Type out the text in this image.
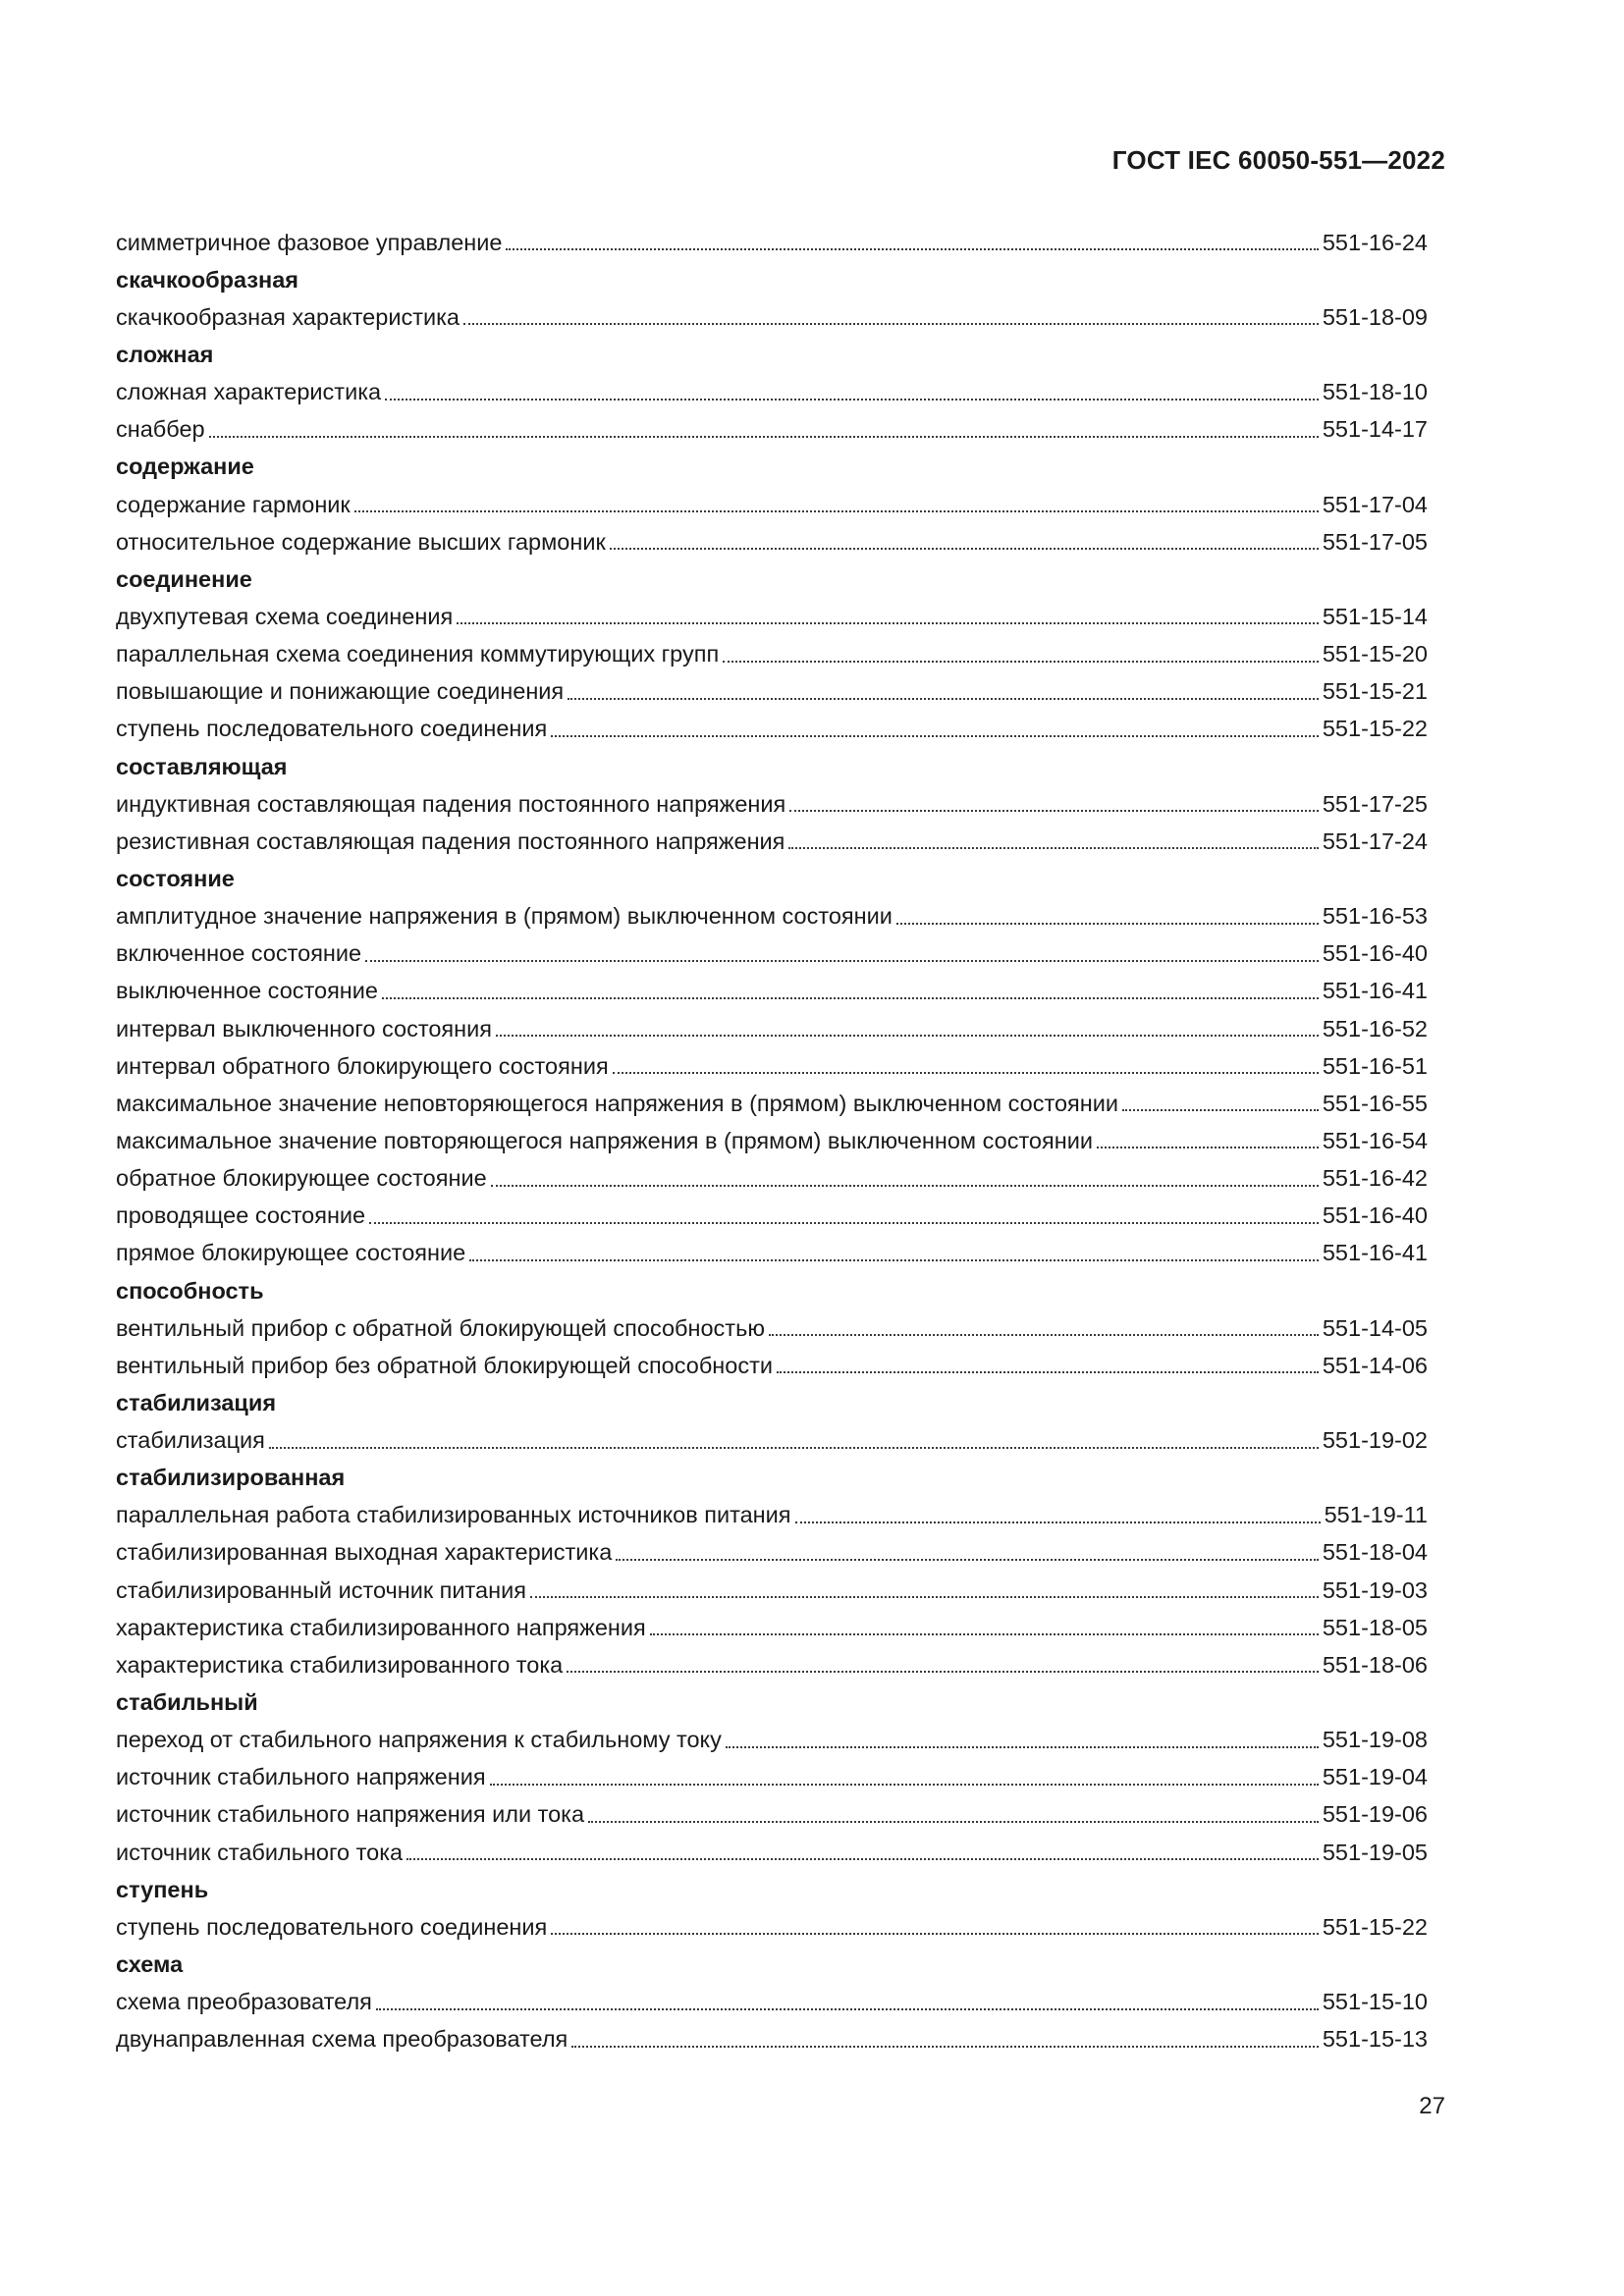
ГОСТ IEC 60050-551—2022
симметричное фазовое управление	551-16-24
скачкообразная
скачкообразная характеристика	551-18-09
сложная
сложная характеристика	551-18-10
снаббер	551-14-17
содержание
содержание гармоник	551-17-04
относительное содержание высших гармоник	551-17-05
соединение
двухпутевая схема соединения	551-15-14
параллельная схема соединения коммутирующих групп	551-15-20
повышающие и понижающие соединения	551-15-21
ступень последовательного соединения	551-15-22
составляющая
индуктивная составляющая падения постоянного напряжения	551-17-25
резистивная составляющая падения постоянного напряжения	551-17-24
состояние
амплитудное значение напряжения в (прямом) выключенном состоянии	551-16-53
включенное состояние	551-16-40
выключенное состояние	551-16-41
интервал выключенного состояния	551-16-52
интервал обратного блокирующего состояния	551-16-51
максимальное значение неповторяющегося напряжения в (прямом) выключенном состоянии	551-16-55
максимальное значение повторяющегося напряжения в (прямом) выключенном состоянии	551-16-54
обратное блокирующее состояние	551-16-42
проводящее состояние	551-16-40
прямое блокирующее состояние	551-16-41
способность
вентильный прибор с обратной блокирующей способностью	551-14-05
вентильный прибор без обратной блокирующей способности	551-14-06
стабилизация
стабилизация	551-19-02
стабилизированная
параллельная работа стабилизированных источников питания	551-19-11
стабилизированная выходная характеристика	551-18-04
стабилизированный источник питания	551-19-03
характеристика стабилизированного напряжения	551-18-05
характеристика стабилизированного тока	551-18-06
стабильный
переход от стабильного напряжения к стабильному току	551-19-08
источник стабильного напряжения	551-19-04
источник стабильного напряжения или тока	551-19-06
источник стабильного тока	551-19-05
ступень
ступень последовательного соединения	551-15-22
схема
схема преобразователя	551-15-10
двунаправленная схема преобразователя	551-15-13
27
